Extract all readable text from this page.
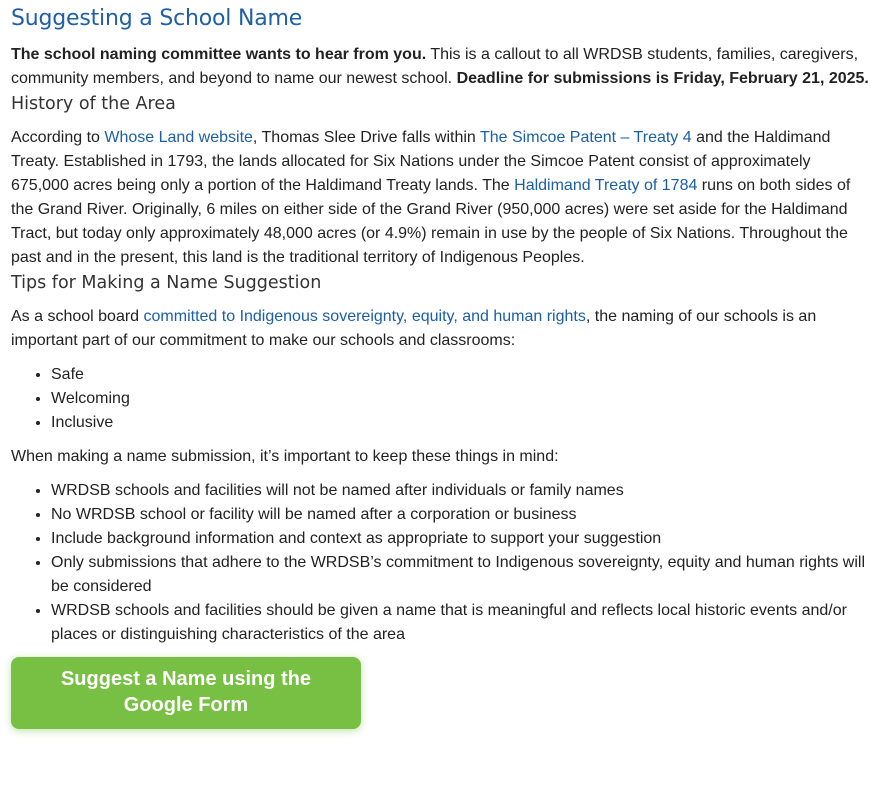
Suggesting a School Name

The school naming committee wants to hear from you. This is a callout to all WRDSB students, families, caregivers, community members, and beyond to name our newest school. Deadline for submissions is Friday, February 21, 2025.

History of the Area

According to Whose Land website, Thomas Slee Drive falls within The Simcoe Patent – Treaty 4 and the Haldimand Treaty. Established in 1793, the lands allocated for Six Nations under the Simcoe Patent consist of approximately 675,000 acres being only a portion of the Haldimand Treaty lands. The Haldimand Treaty of 1784 runs on both sides of the Grand River. Originally, 6 miles on either side of the Grand River (950,000 acres) were set aside for the Haldimand Tract, but today only approximately 48,000 acres (or 4.9%) remain in use by the people of Six Nations. Throughout the past and in the present, this land is the traditional territory of Indigenous Peoples.

Tips for Making a Name Suggestion

As a school board committed to Indigenous sovereignty, equity, and human rights, the naming of our schools is an important part of our commitment to make our schools and classrooms:

• Safe
• Welcoming
• Inclusive

When making a name submission, it’s important to keep these things in mind:

• WRDSB schools and facilities will not be named after individuals or family names
• No WRDSB school or facility will be named after a corporation or business
• Include background information and context as appropriate to support your suggestion
• Only submissions that adhere to the WRDSB’s commitment to Indigenous sovereignty, equity and human rights will be considered
• WRDSB schools and facilities should be given a name that is meaningful and reflects local historic events and/or places or distinguishing characteristics of the area
Suggest a Name using the Google Form
